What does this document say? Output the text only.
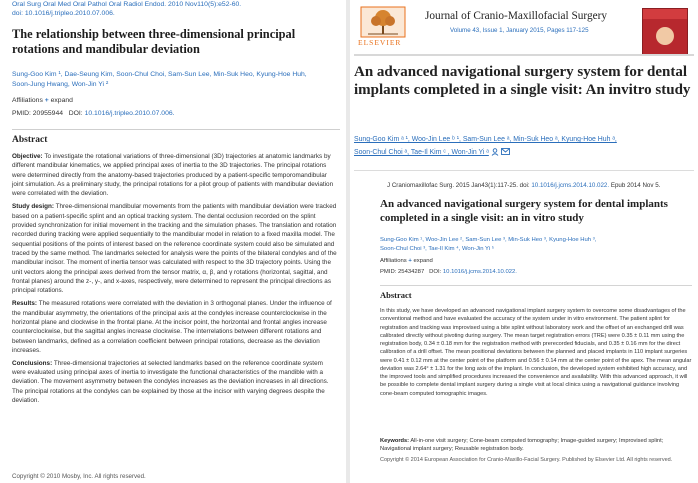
Oral Surg Oral Med Oral Pathol Oral Radiol Endod. 2010 Nov110(5):e52-60.
doi: 10.1016/j.tripleo.2010.07.006.
The relationship between three-dimensional principal rotations and mandibular deviation
Sung-Goo Kim ¹, Dae-Seung Kim, Soon-Chul Choi, Sam-Sun Lee, Min-Suk Heo, Kyung-Hoe Huh,
Soon-Jung Hwang, Won-Jin Yi ²
Affiliations + expand
PMID: 20955944 DOI: 10.1016/j.tripleo.2010.07.006.
Abstract

Objective: To investigate the rotational variations of three-dimensional (3D) trajectories at anatomic landmarks by different mandibular kinematics, we applied principal axes of inertia to the 3D trajectories. The principal rotations were determined directly from the anatomy-based trajectories produced by a patient-specific temporomandibular joint simulation. As a preliminary study, the principal rotations for a pilot group of patients with mandibular deviation were correlated with the deviation.

Study design: Three-dimensional mandibular movements from the patients with mandibular deviation were tracked based on a patient-specific splint and an optical tracking system. The dental occlusion recorded on the splint provided synchronization for initial movement in the tracking and the simulation phases. The translation and rotation recorded during tracking were applied sequentially to the mandibular model in relation to a fixed maxilla model. The sequential positions of the points of interest based on the reference coordinate system could also be simulated and traced by the same method. The landmarks selected for analysis were the points of the bilateral condyles and of the mandibular incisor. The moment of inertia tensor was calculated with respect to the 3D trajectory points. Using the unit vectors along the principal axes derived from the tensor matrix, α, β, and γ rotations (horizontal, sagittal, and frontal planes) around the z-, y-, and x-axes, respectively, were determined to represent the principal directions as principal rotations.

Results: The measured rotations were correlated with the deviation in 3 orthogonal planes. Under the influence of the mandibular asymmetry, the orientations of the principal axis at the condyles increase counterclockwise in the horizontal plane and clockwise in the frontal plane. At the incisor point, the horizontal and frontal angles increase counterclockwise, but the sagittal angles increase clockwise. The interrelations between different rotations and between landmarks, defined as a correlation coefficient between principal rotations, decrease as the deviation increases.

Conclusions: Three-dimensional trajectories at selected landmarks based on the reference coordinate system were evaluated using principal axes of inertia to investigate the functional characteristics of the mandible with a deviation. The movement asymmetry between the condyles increases as the deviation increases in all directions. The principal rotations at the condyles can be explained by those at the incisor with varying degrees despite the deviation.

Copyright © 2010 Mosby, Inc. All rights reserved.
ELSEVIER
Journal of Cranio-Maxillofacial Surgery
Volume 43, Issue 1, January 2015, Pages 117-125
An advanced navigational surgery system for dental implants completed in a single visit: An invitro study
Sung-Goo Kim ᵃ ¹, Woo-Jin Lee ᵇ ¹, Sam-Sun Lee ᵃ, Min-Suk Heo ᵃ, Kyung-Hoe Huh ᵃ,
Soon-Chul Choi ᵃ, Tae-Il Kim ᶜ , Won-Jin Yi ᵃ
J Craniomaxillofac Surg. 2015 Jan43(1):117-25. doi: 10.1016/j.jcms.2014.10.022. Epub 2014 Nov 5.
An advanced navigational surgery system for dental implants completed in a single visit: an in vitro study
Sung-Goo Kim ¹, Woo-Jin Lee ², Sam-Sun Lee ³, Min-Suk Heo ³, Kyung-Hoe Huh ³,
Soon-Chul Choi ³, Tae-Il Kim ⁴, Won-Jin Yi ⁵
Affiliations + expand
PMID: 25434287 DOI: 10.1016/j.jcms.2014.10.022.
Abstract
In this study, we have developed an advanced navigational implant surgery system to overcome some disadvantages of the conventional method and have evaluated the accuracy of the system under in vitro environment. The patient splint for registration and tracking was improvised using a bite splint without laboratory work and the offset of an exchanged drill was calibrated directly without pivoting during surgery. The mean target registration errors (TRE) were 0.35 ± 0.11 mm using the registration body, 0.34 ± 0.18 mm for the registration method with prerecorded fiducials, and 0.35 ± 0.16 mm for the direct calibration of a drill offset. The mean positional deviations between the planned and placed implants in 110 implant surgeries were 0.41 ± 0.12 mm at the center point of the platform and 0.56 ± 0.14 mm at the center point of the apex. The mean angular deviation was 2.64° ± 1.31 for the long axis of the implant. In conclusion, the developed system exhibited high accuracy, and the improved tools and simplified procedures increased the convenience and availability. With this advanced approach, it will be possible to complete dental implant surgery during a single visit at local clinics using a navigational guidance involving cone-beam computed tomographic images.
Keywords: All-in-one visit surgery; Cone-beam computed tomography; Image-guided surgery; Improvised splint; Navigational implant surgery; Reusable registration body.
Copyright © 2014 European Association for Cranio-Maxillo-Facial Surgery. Published by Elsevier Ltd. All rights reserved.
